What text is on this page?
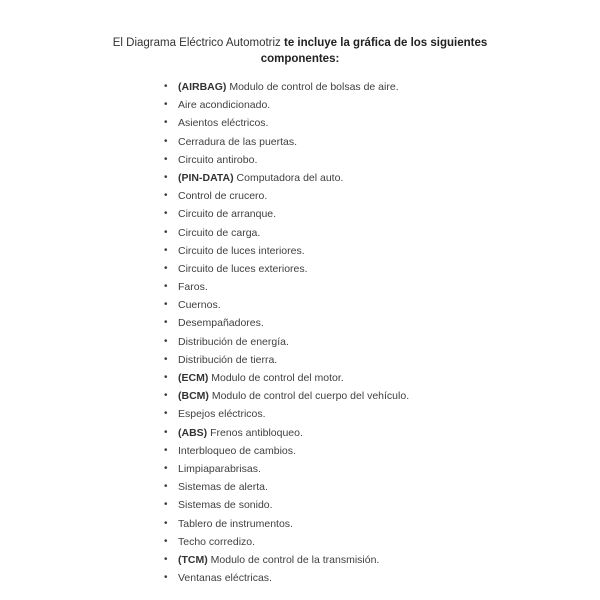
El Diagrama Eléctrico Automotriz te incluye la gráfica de los siguientes componentes:
• (AIRBAG) Modulo de control de bolsas de aire.
• Aire acondicionado.
• Asientos eléctricos.
• Cerradura de las puertas.
• Circuito antirobo.
• (PIN-DATA) Computadora del auto.
• Control de crucero.
• Circuito de arranque.
• Circuito de carga.
• Circuito de luces interiores.
• Circuito de luces exteriores.
• Faros.
• Cuernos.
• Desempañadores.
• Distribución de energía.
• Distribución de tierra.
• (ECM) Modulo de control del motor.
• (BCM) Modulo de control del cuerpo del vehículo.
• Espejos eléctricos.
• (ABS) Frenos antibloqueo.
• Interbloqueo de cambios.
• Limpiaparabrisas.
• Sistemas de alerta.
• Sistemas de sonido.
• Tablero de instrumentos.
• Techo corredizo.
• (TCM) Modulo de control de la transmisión.
• Ventanas eléctricas.
